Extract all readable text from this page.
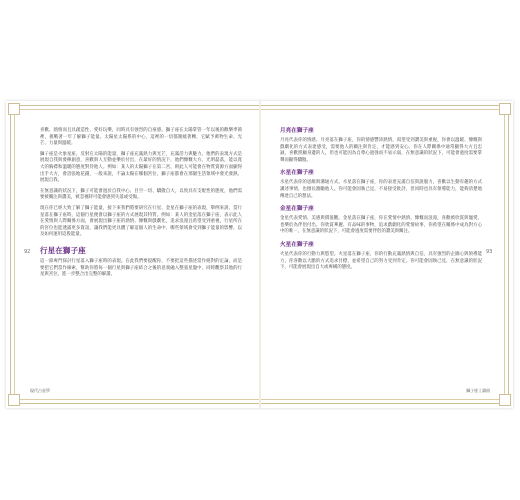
92	93

喜歡、熱情而且具創造性、愛好玩樂，同時具有強烈的自豪感。獅子座在太陽掌管一年以後的歡樂季節裡，挑戰著一年了解獅子能量。太陽星太陽系的中心，這裡的一切都圍繞著轉，它賦予萬物生命、光芒、力量與溫暖。

獅子座是火象星座，反射在太陽的能量，獅子座充滿熱力與光芒，充滿活力與魅力。他們的表現方式是展現自我與發揮創意，喜歡與人互動並樂於付出，在最好的情況下，他們慷慨大方、光明磊落，能以寬大的胸襟和溫暖的態度對待他人。例如：某人的太陽獅子在第二宮，則此人可能會在物質資源方面顯得出手大方，會誇張地花錢，一般來說，不論太陽在哪個宮位，獅子座都會在那個生活領域中發光發熱、展現自我。

在無意識的狀況下，獅子可能會過於自我中心、目空一切、驕傲自大，以致具有支配性的態度，他們需要被關注與讚美，被忽視時可能會感到失落或受傷。

現在你已經大致了解了獅子能量，接下來我們將要研究在行星、金星在獅子座的表現，舉例來說，當行星落在獅子座時，這個行星便會以獅子座的方式展現其特質。例如：某人的金星落在獅子座，表示此人在愛情與人際關係方面，會展現出獅子座的熱情、慷慨與戲劇化，追求浪漫且希望受到重視，行星所在的宮位也能透露更多資訊，讓我們能更具體了解這個人的生命中，哪些領域會受到獅子能量的影響，以及如何運用這股能量。

行星在獅子座

這一節專門探討行星落入獅子座時的表現。在此我們要提醒你，不要把這些描述當作絕對的定論，而是要把它們當作線索，幫助你將每一個行星與獅子座結合之後的意義融入整張星盤中，同時觀察其他的行星與宮位，進一步整合出完整的解讀。

現代占星學
月亮在獅子座

月亮代表你的情感、月亮落在獅子座，你的情感豐沛熱情，渴望受到讚美與重視，你會以溫暖、慷慨與戲劇化的方式表達感受，需要他人的關注與肯定，才能感到安心。你在人際關係中通常顯得大方且忠誠，喜歡照顧身邊的人，但也可能因為自尊心過強而不易示弱，在無意識的狀況下，可能會過度需要掌聲而顯得驕傲。

水星在獅子座

水星代表你的思維與溝通方式。水星落在獅子座，你的表達充滿自信與說服力，喜歡以生動有趣的方式講述事情，也擅長激勵他人。你可能會固執己見，不易接受批評，但同時也具有領導能力，能夠清楚地傳達自己的想法。

金星在獅子座

金星代表愛情、美感與價值觀。金星落在獅子座，你在愛情中熱情、慷慨而浪漫，喜歡被欣賞與寵愛，也樂於為伴侶付出。你欣賞華麗、有品味的事物，追求戲劇化的愛情故事，你希望在關係中成為對方心中的唯一，在無意識的狀況下，可能會過度需要伴侶的讚美與關注。

火星在獅子座

火星代表你的行動力與慾望。火星落在獅子座，你的行動充滿熱情與自信，具有強烈的企圖心與領導能力，你喜歡以大膽的方式追求目標，並希望自己的努力受到肯定。你可能會固執己見，在無意識的狀況下，可能會展現出自大或專橫的態度。

獅子座 | 讀冊
